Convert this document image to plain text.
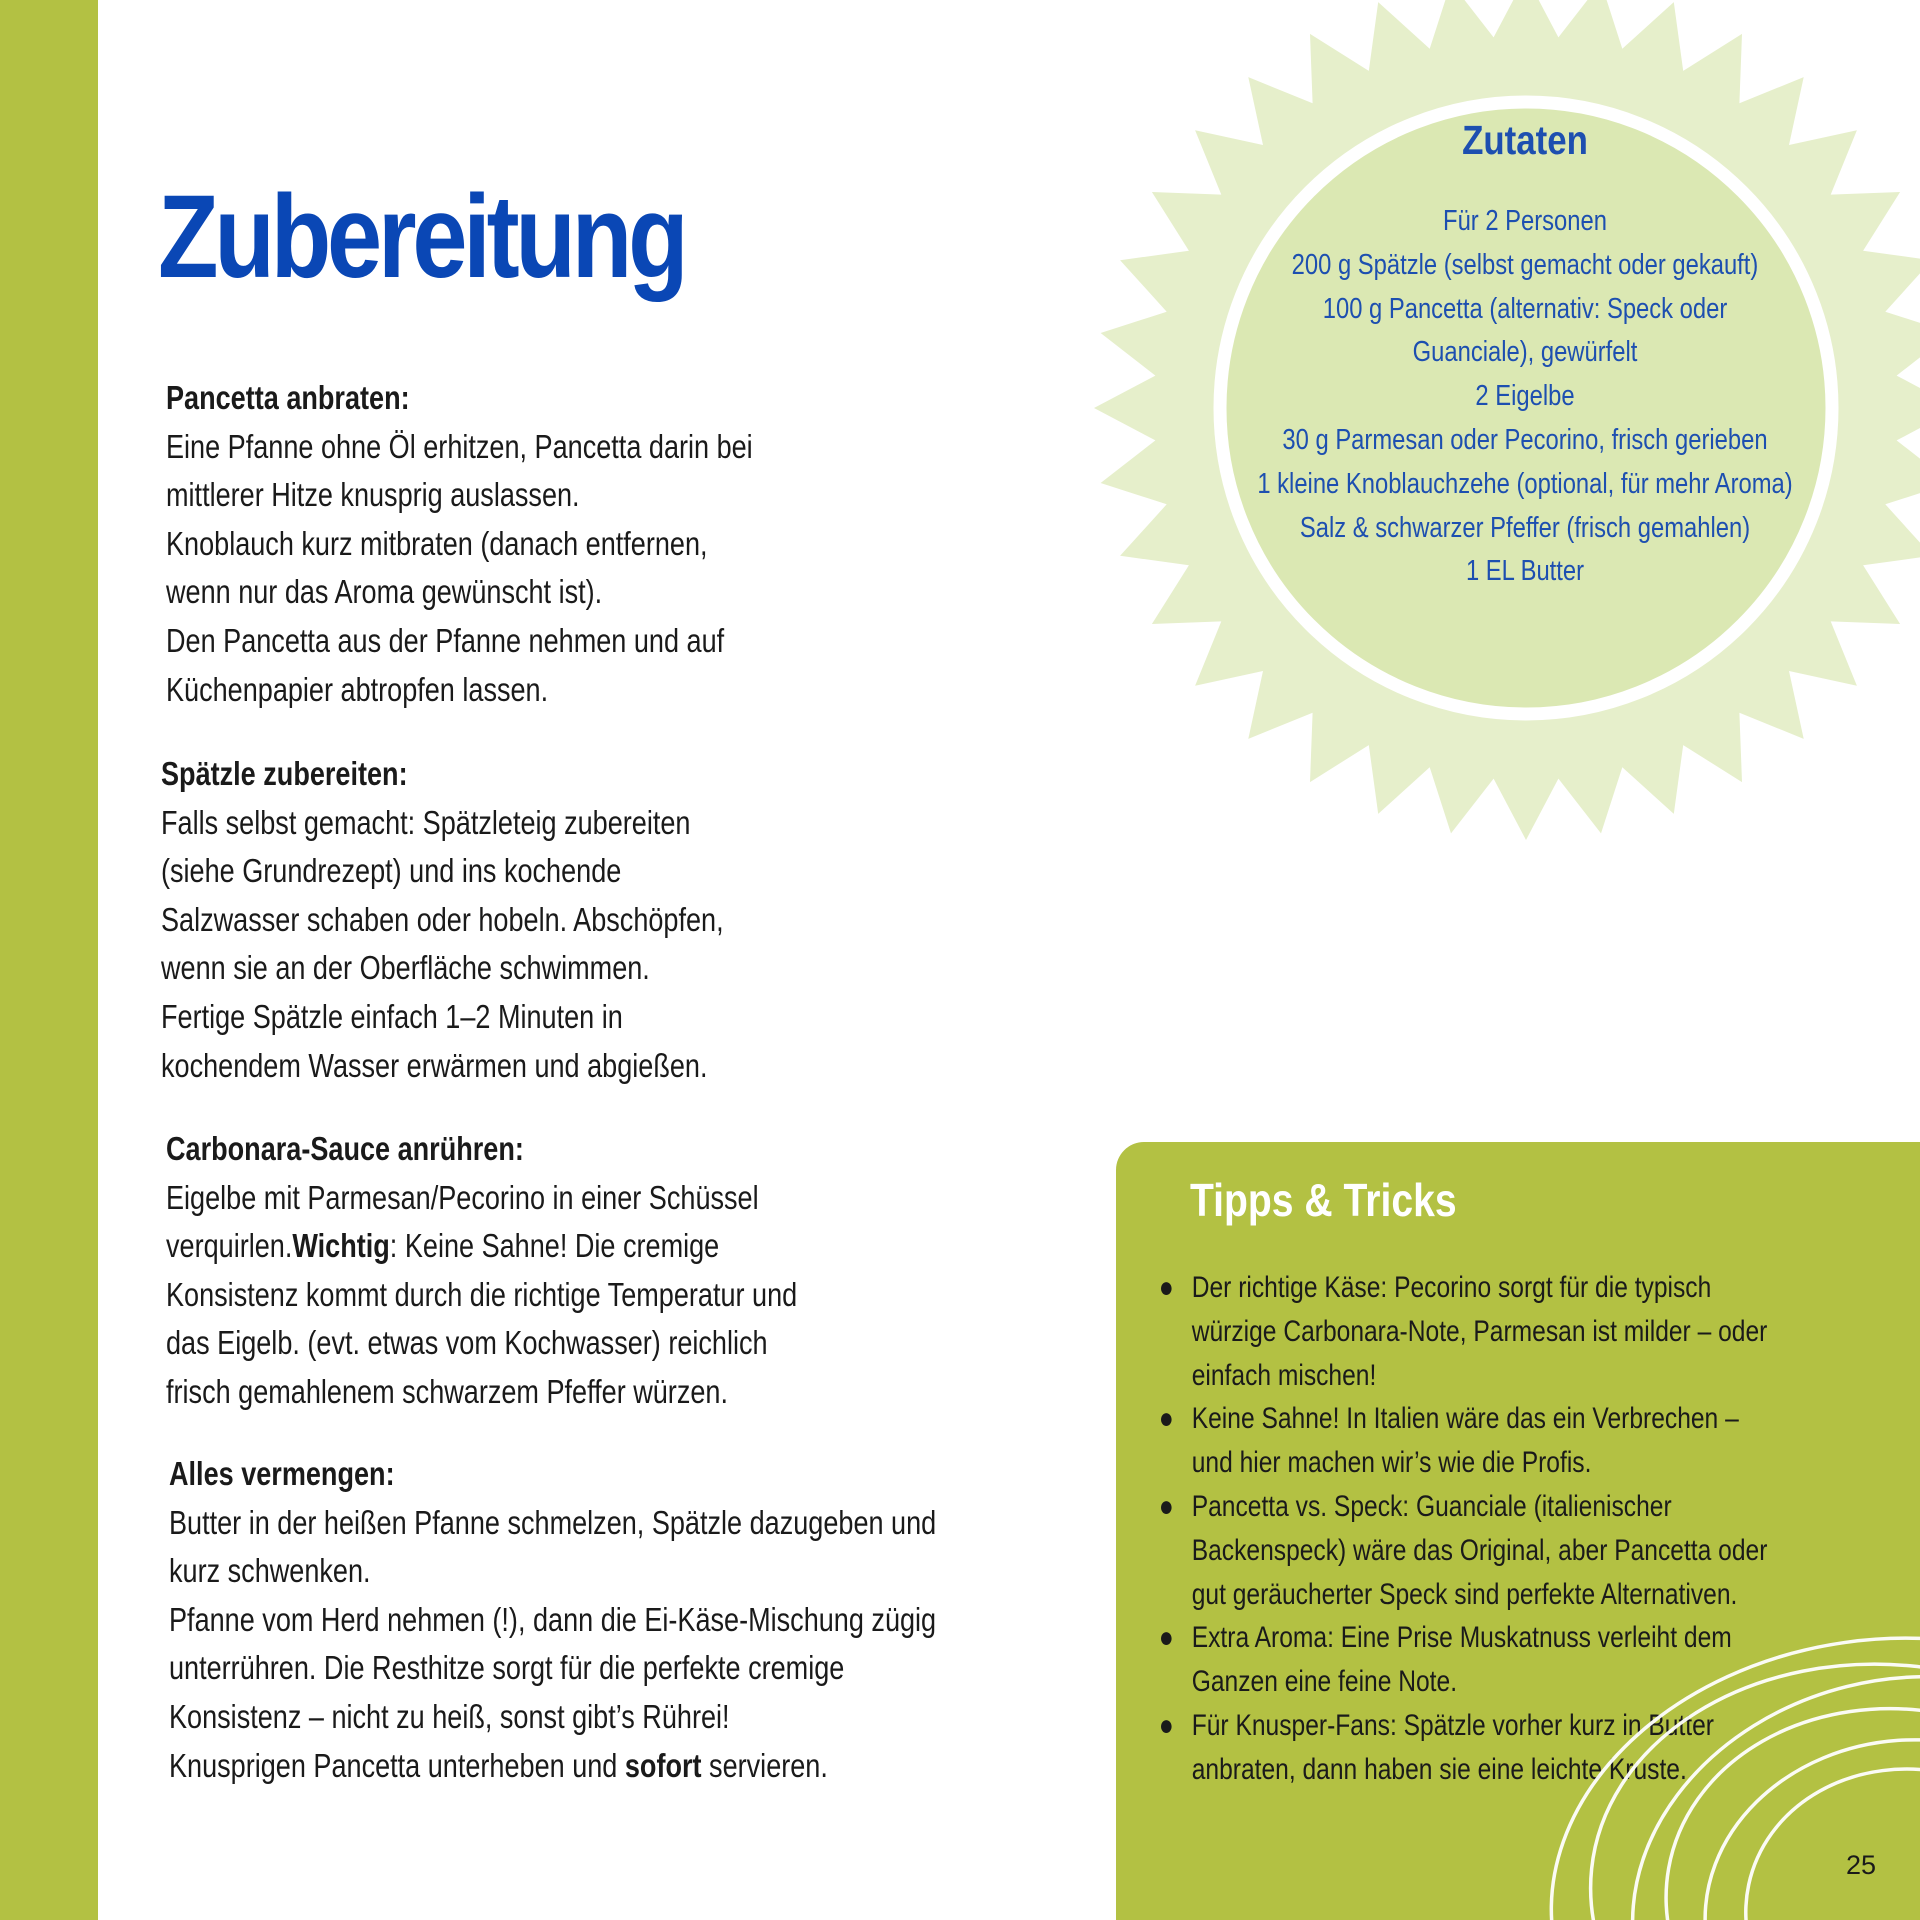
Zubereitung

Pancetta anbraten:

Eine Pfanne ohne Öl erhitzen, Pancetta darin bei

mittlerer Hitze knusprig auslassen.

Knoblauch kurz mitbraten (danach entfernen,

wenn nur das Aroma gewünscht ist).

Den Pancetta aus der Pfanne nehmen und auf

Küchenpapier abtropfen lassen.

Spätzle zubereiten:

Falls selbst gemacht: Spätzleteig zubereiten

(siehe Grundrezept) und ins kochende

Salzwasser schaben oder hobeln. Abschöpfen,

wenn sie an der Oberfläche schwimmen.

Fertige Spätzle einfach 1–2 Minuten in

kochendem Wasser erwärmen und abgießen.

Carbonara-Sauce anrühren:

Eigelbe mit Parmesan/Pecorino in einer Schüssel

verquirlen.Wichtig: Keine Sahne! Die cremige

Konsistenz kommt durch die richtige Temperatur und

das Eigelb. (evt. etwas vom Kochwasser) reichlich

frisch gemahlenem schwarzem Pfeffer würzen.

Alles vermengen:

Butter in der heißen Pfanne schmelzen, Spätzle dazugeben und

kurz schwenken.

Pfanne vom Herd nehmen (!), dann die Ei-Käse-Mischung zügig

unterrühren. Die Resthitze sorgt für die perfekte cremige

Konsistenz – nicht zu heiß, sonst gibt’s Rührei!

Knusprigen Pancetta unterheben und sofort servieren.

Zutaten
Für 2 Personen
200 g Spätzle (selbst gemacht oder gekauft)
100 g Pancetta (alternativ: Speck oder
Guanciale), gewürfelt
2 Eigelbe
30 g Parmesan oder Pecorino, frisch gerieben
1 kleine Knoblauchzehe (optional, für mehr Aroma)
Salz & schwarzer Pfeffer (frisch gemahlen)
1 EL Butter
Tipps & Tricks
● Der richtige Käse: Pecorino sorgt für die typisch
würzige Carbonara-Note, Parmesan ist milder – oder
einfach mischen!
● Keine Sahne! In Italien wäre das ein Verbrechen –
und hier machen wir’s wie die Profis.
● Pancetta vs. Speck: Guanciale (italienischer
Backenspeck) wäre das Original, aber Pancetta oder
gut geräucherter Speck sind perfekte Alternativen.
● Extra Aroma: Eine Prise Muskatnuss verleiht dem
Ganzen eine feine Note.
● Für Knusper-Fans: Spätzle vorher kurz in Butter
anbraten, dann haben sie eine leichte Kruste.
25
